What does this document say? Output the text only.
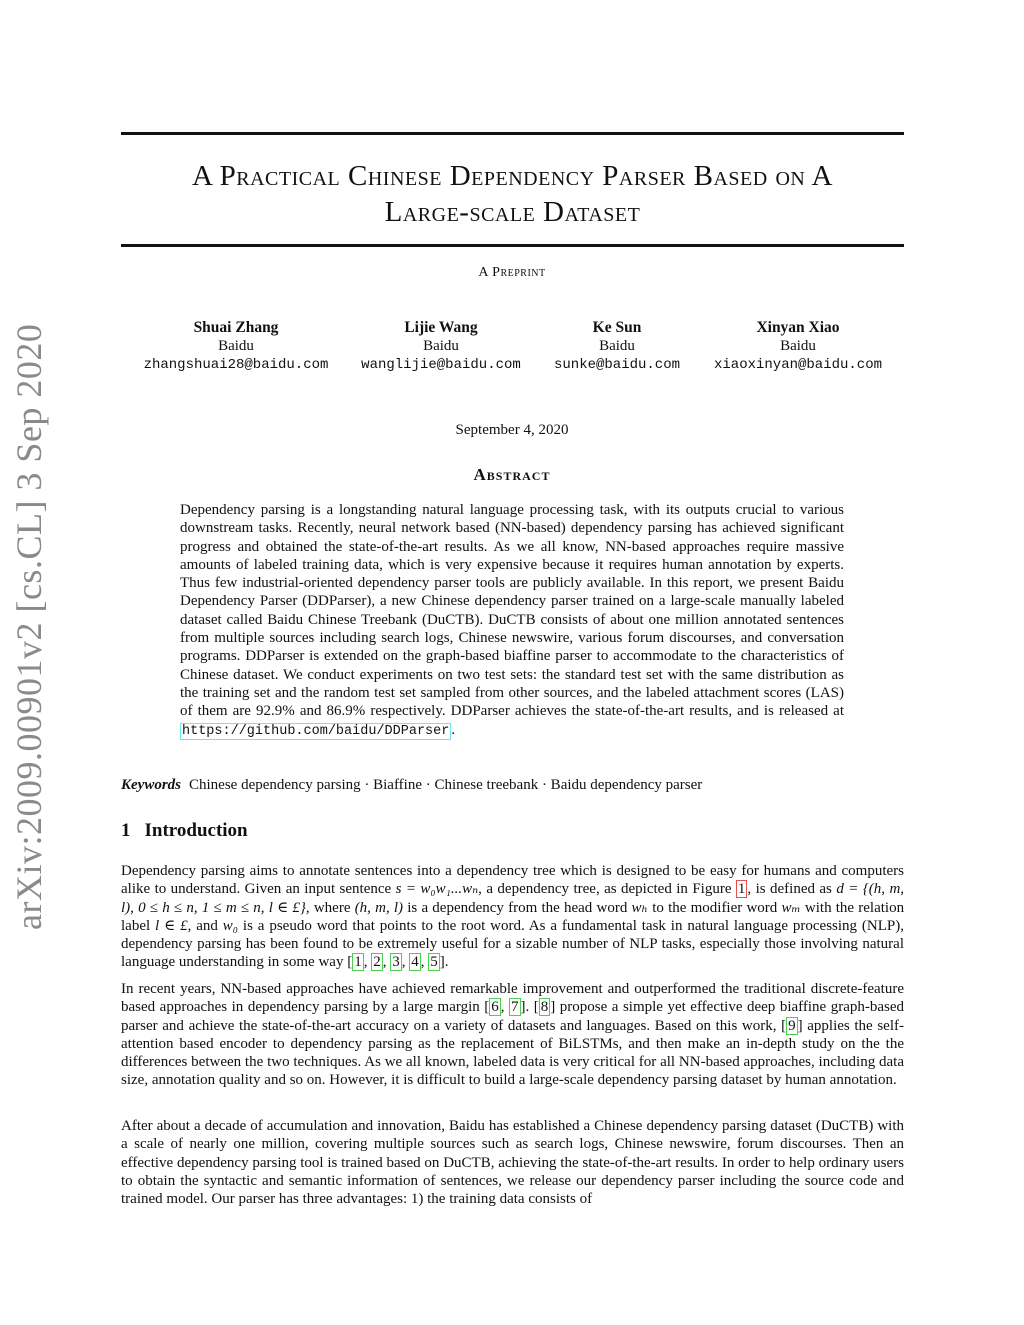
arXiv:2009.00901v2 [cs.CL] 3 Sep 2020
A Practical Chinese Dependency Parser Based on A
Large-scale Dataset
A Preprint
Shuai Zhang
Baidu
zhangshuai28@baidu.com
Lijie Wang
Baidu
wanglijie@baidu.com
Ke Sun
Baidu
sunke@baidu.com
Xinyan Xiao
Baidu
xiaoxinyan@baidu.com
September 4, 2020
Abstract

Dependency parsing is a longstanding natural language processing task, with its outputs crucial to various downstream tasks. Recently, neural network based (NN-based) dependency parsing has achieved significant progress and obtained the state-of-the-art results. As we all know, NN-based approaches require massive amounts of labeled training data, which is very expensive because it requires human annotation by experts. Thus few industrial-oriented dependency parser tools are publicly available. In this report, we present Baidu Dependency Parser (DDParser), a new Chinese dependency parser trained on a large-scale manually labeled dataset called Baidu Chinese Treebank (DuCTB). DuCTB consists of about one million annotated sentences from multiple sources including search logs, Chinese newswire, various forum discourses, and conversation programs. DDParser is extended on the graph-based biaffine parser to accommodate to the characteristics of Chinese dataset. We conduct experiments on two test sets: the standard test set with the same distribution as the training set and the random test set sampled from other sources, and the labeled attachment scores (LAS) of them are 92.9% and 86.9% respectively. DDParser achieves the state-of-the-art results, and is released at https://github.com/baidu/DDParser .

Keywords Chinese dependency parsing · Biaffine · Chinese treebank · Baidu dependency parser
1 Introduction

Dependency parsing aims to annotate sentences into a dependency tree which is designed to be easy for humans and computers alike to understand. Given an input sentence s = w₀w₁...wₙ, a dependency tree, as depicted in Figure 1 , is defined as d = {(h, m, l), 0 ≤ h ≤ n, 1 ≤ m ≤ n, l ∈ £}, where (h, m, l) is a dependency from the head word wₕ to the modifier word wₘ with the relation label l ∈ £, and w₀ is a pseudo word that points to the root word. As a fundamental task in natural language processing (NLP), dependency parsing has been found to be extremely useful for a sizable number of NLP tasks, especially those involving natural language understanding in some way [ 1 , 2 , 3 , 4 , 5 ].

In recent years, NN-based approaches have achieved remarkable improvement and outperformed the traditional discrete-feature based approaches in dependency parsing by a large margin [ 6 , 7 ]. [ 8 ] propose a simple yet effective deep biaffine graph-based parser and achieve the state-of-the-art accuracy on a variety of datasets and languages. Based on this work, [ 9 ] applies the self-attention based encoder to dependency parsing as the replacement of BiLSTMs, and then make an in-depth study on the the differences between the two techniques. As we all known, labeled data is very critical for all NN-based approaches, including data size, annotation quality and so on. However, it is difficult to build a large-scale dependency parsing dataset by human annotation.

After about a decade of accumulation and innovation, Baidu has established a Chinese dependency parsing dataset (DuCTB) with a scale of nearly one million, covering multiple sources such as search logs, Chinese newswire, forum discourses. Then an effective dependency parsing tool is trained based on DuCTB, achieving the state-of-the-art results. In order to help ordinary users to obtain the syntactic and semantic information of sentences, we release our dependency parser including the source code and trained model. Our parser has three advantages: 1) the training data consists of
